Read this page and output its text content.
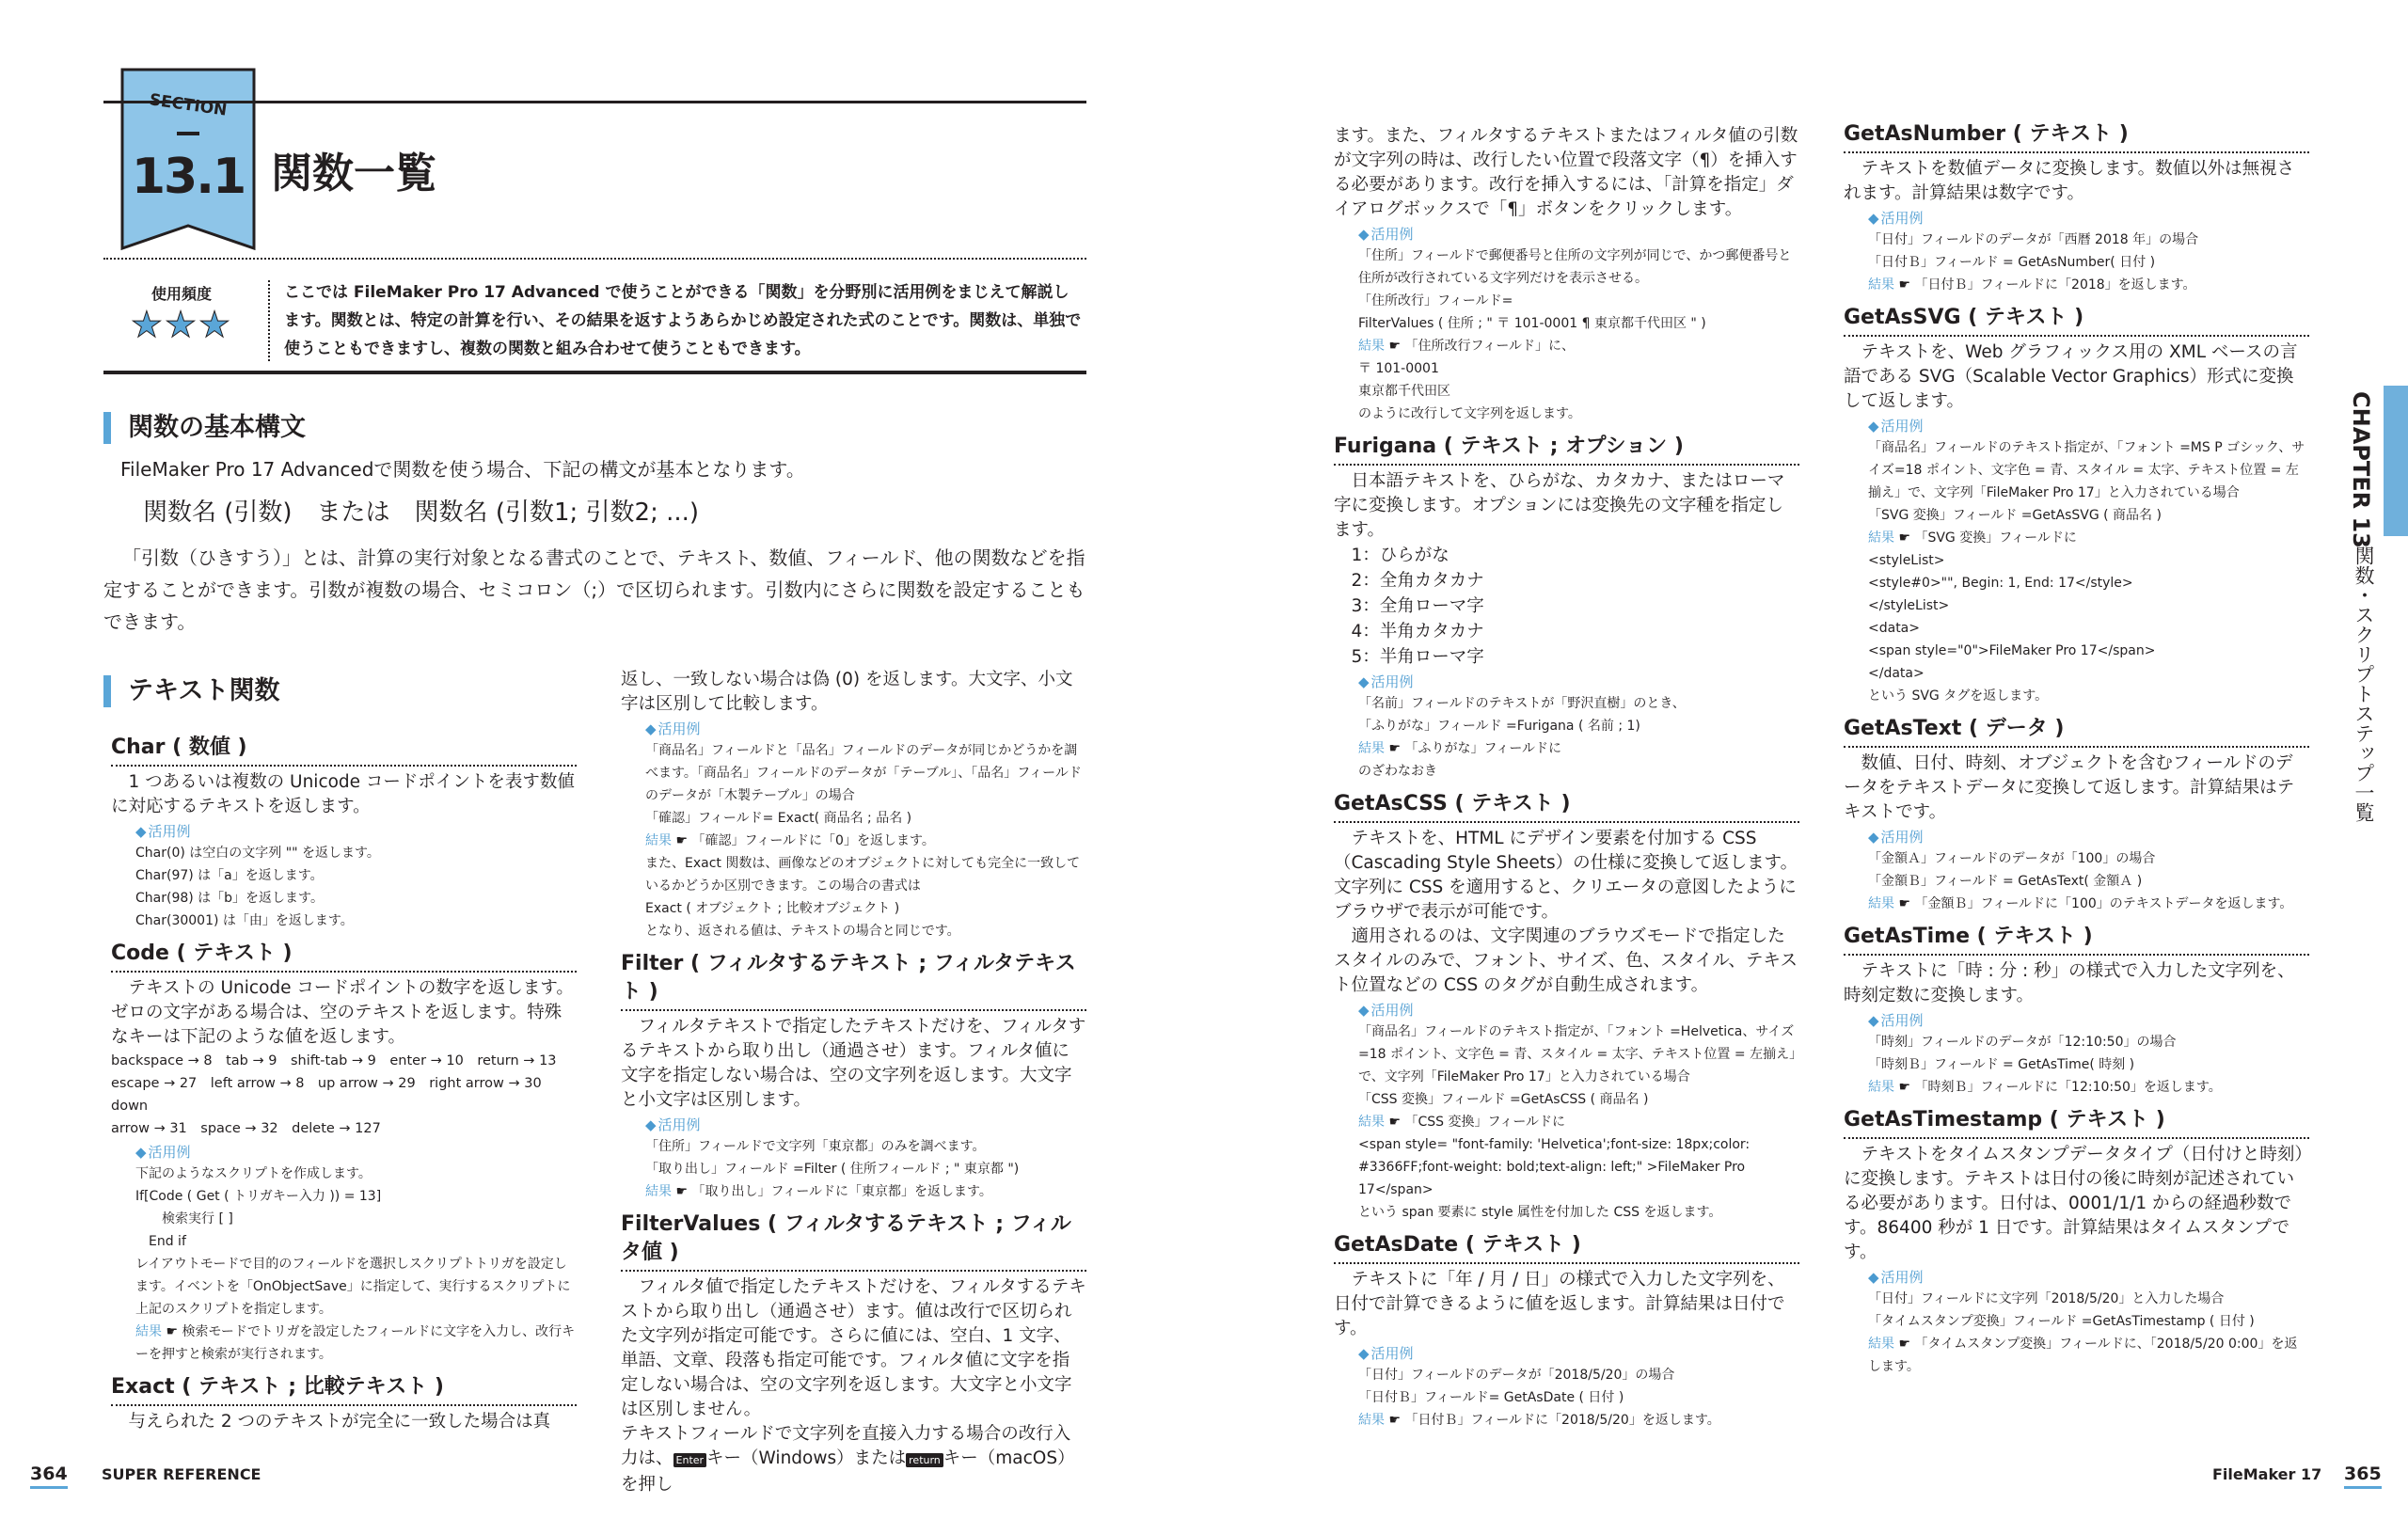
SECTION
13.1 関数一覧
使用頻度
★★★

ここでは FileMaker Pro 17 Advanced で使うことができる「関数」を分野別に活用例をまじえて解説します。関数とは、特定の計算を行い、その結果を返すようあらかじめ設定された式のことです。関数は、単独で使うこともできますし、複数の関数と組み合わせて使うこともできます。

関数の基本構文

FileMaker Pro 17 Advancedで関数を使う場合、下記の構文が基本となります。

関数名 (引数)　または　関数名 (引数1; 引数2; ...)

「引数（ひきすう）」とは、計算の実行対象となる書式のことで、テキスト、数値、フィールド、他の関数などを指定することができます。引数が複数の場合、セミコロン（;）で区切られます。引数内にさらに関数を設定することもできます。

テキスト関数
Char ( 数値 )

1 つあるいは複数の Unicode コードポイントを表す数値に対応するテキストを返します。

◆ 活用例
Char(0) は空白の文字列 "" を返します。
Char(97) は「a」を返します。
Char(98) は「b」を返します。
Char(30001) は「由」を返します。
Code ( テキスト )

テキストの Unicode コードポイントの数字を返します。ゼロの文字がある場合は、空のテキストを返します。特殊なキーは下記のような値を返します。

backspace → 8　tab → 9　shift-tab → 9　enter → 10　return → 13

escape → 27　left arrow → 8　up arrow → 29　right arrow → 30　down

arrow → 31　space → 32　delete → 127

◆ 活用例
下記のようなスクリプトを作成します。
If[Code ( Get ( トリガキー入力 )) = 13]
　　検索実行 [ ]
　End if
レイアウトモードで目的のフィールドを選択しスクリプトトリガを設定します。イベントを「OnObjectSave」に指定して、実行するスクリプトに上記のスクリプトを指定します。
結果 ☛ 検索モードでトリガを設定したフィールドに文字を入力し、改行キーを押すと検索が実行されます。
Exact ( テキスト ; 比較テキスト )

与えられた 2 つのテキストが完全に一致した場合は真

返し、一致しない場合は偽 (0) を返します。大文字、小文字は区別して比較します。

◆ 活用例
「商品名」フィールドと「品名」フィールドのデータが同じかどうかを調べます。「商品名」フィールドのデータが「テーブル」、「品名」フィールドのデータが「木製テーブル」の場合
「確認」フィールド= Exact( 商品名 ; 品名 )
結果 ☛ 「確認」フィールドに「0」を返します。
また、Exact 関数は、画像などのオブジェクトに対しても完全に一致しているかどうか区別できます。この場合の書式は
Exact ( オブジェクト ; 比較オブジェクト )
となり、返される値は、テキストの場合と同じです。
Filter ( フィルタするテキスト ; フィルタテキスト )

フィルタテキストで指定したテキストだけを、フィルタするテキストから取り出し（通過させ）ます。フィルタ値に文字を指定しない場合は、空の文字列を返します。大文字と小文字は区別します。

◆ 活用例
「住所」フィールドで文字列「東京都」のみを調べます。
「取り出し」フィールド =Filter ( 住所フィールド ; " 東京都 ")
結果 ☛ 「取り出し」フィールドに「東京都」を返します。
FilterValues ( フィルタするテキスト ; フィルタ値 )

フィルタ値で指定したテキストだけを、フィルタするテキストから取り出し（通過させ）ます。値は改行で区切られた文字列が指定可能です。さらに値には、空白、1 文字、単語、文章、段落も指定可能です。フィルタ値に文字を指定しない場合は、空の文字列を返します。大文字と小文字は区別しません。

テキストフィールドで文字列を直接入力する場合の改行入力は、 Enter キー（Windows）または return キー（macOS）を押し

ます。また、フィルタするテキストまたはフィルタ値の引数が文字列の時は、改行したい位置で段落文字（¶）を挿入する必要があります。改行を挿入するには、「計算を指定」ダイアログボックスで「¶」ボタンをクリックします。

◆ 活用例
「住所」フィールドで郵便番号と住所の文字列が同じで、かつ郵便番号と住所が改行されている文字列だけを表示させる。
「住所改行」フィールド=
FilterValues ( 住所 ; " 〒 101-0001 ¶ 東京都千代田区 " )
結果 ☛ 「住所改行フィールド」に、
〒 101-0001
東京都千代田区
のように改行して文字列を返します。
Furigana ( テキスト ; オプション )

日本語テキストを、ひらがな、カタカナ、またはローマ字に変換します。オプションには変換先の文字種を指定します。

1：ひらがな

2：全角カタカナ

3：全角ローマ字

4：半角カタカナ

5：半角ローマ字

◆ 活用例
「名前」フィールドのテキストが「野沢直樹」のとき、
「ふりがな」フィールド =Furigana ( 名前 ; 1)
結果 ☛ 「ふりがな」フィールドに
のざわなおき
GetAsCSS ( テキスト )

テキストを、HTML にデザイン要素を付加する CSS（Cascading Style Sheets）の仕様に変換して返します。文字列に CSS を適用すると、クリエータの意図したようにブラウザで表示が可能です。

適用されるのは、文字関連のブラウズモードで指定したスタイルのみで、フォント、サイズ、色、スタイル、テキスト位置などの CSS のタグが自動生成されます。

◆ 活用例
「商品名」フィールドのテキスト指定が、「フォント =Helvetica、サイズ=18 ポイント、文字色 = 青、スタイル = 太字、テキスト位置 = 左揃え」で、文字列「FileMaker Pro 17」と入力されている場合
「CSS 変換」フィールド =GetAsCSS ( 商品名 )
結果 ☛ 「CSS 変換」フィールドに
<span style= "font-family: 'Helvetica';font-size: 18px;color: #3366FF;font-weight: bold;text-align: left;" >FileMaker Pro 17</span>
という span 要素に style 属性を付加した CSS を返します。
GetAsDate ( テキスト )

テキストに「年 / 月 / 日」の様式で入力した文字列を、日付で計算できるように値を返します。計算結果は日付です。

◆ 活用例
「日付」フィールドのデータが「2018/5/20」の場合
「日付Ｂ」フィールド= GetAsDate ( 日付 )
結果 ☛ 「日付Ｂ」フィールドに「2018/5/20」を返します。
GetAsNumber ( テキスト )

テキストを数値データに変換します。数値以外は無視されます。計算結果は数字です。

◆ 活用例
「日付」フィールドのデータが「西暦 2018 年」の場合
「日付Ｂ」フィールド = GetAsNumber( 日付 )
結果 ☛ 「日付Ｂ」フィールドに「2018」を返します。
GetAsSVG ( テキスト )

テキストを、Web グラフィックス用の XML ベースの言語である SVG（Scalable Vector Graphics）形式に変換して返します。

◆ 活用例
「商品名」フィールドのテキスト指定が、「フォント =MS P ゴシック、サイズ=18 ポイント、文字色 = 青、スタイル = 太字、テキスト位置 = 左揃え」で、文字列「FileMaker Pro 17」と入力されている場合
「SVG 変換」フィールド =GetAsSVG ( 商品名 )
結果 ☛ 「SVG 変換」フィールドに
<styleList>
<style#0>"", Begin: 1, End: 17</style>
</styleList>
<data>
<span style="0">FileMaker Pro 17</span>
</data>
という SVG タグを返します。
GetAsText ( データ )

数値、日付、時刻、オブジェクトを含むフィールドのデータをテキストデータに変換して返します。計算結果はテキストです。

◆ 活用例
「金額Ａ」フィールドのデータが「100」の場合
「金額Ｂ」フィールド = GetAsText( 金額Ａ )
結果 ☛ 「金額Ｂ」フィールドに「100」のテキストデータを返します。
GetAsTime ( テキスト )

テキストに「時 : 分 : 秒」の様式で入力した文字列を、時刻定数に変換します。

◆ 活用例
「時刻」フィールドのデータが「12:10:50」の場合
「時刻Ｂ」フィールド = GetAsTime( 時刻 )
結果 ☛ 「時刻Ｂ」フィールドに「12:10:50」を返します。
GetAsTimestamp ( テキスト )

テキストをタイムスタンプデータタイプ（日付けと時刻）に変換します。テキストは日付の後に時刻が記述されている必要があります。日付は、0001/1/1 からの経過秒数です。86400 秒が 1 日です。計算結果はタイムスタンプです。

◆ 活用例
「日付」フィールドに文字列「2018/5/20」と入力した場合
「タイムスタンプ変換」フィールド =GetAsTimestamp ( 日付 )
結果 ☛ 「タイムスタンプ変換」フィールドに、「2018/5/20 0:00」を返します。
CHAPTER 13
関数・スクリプトステップ一覧
364 SUPER REFERENCE	FileMaker 17 365
